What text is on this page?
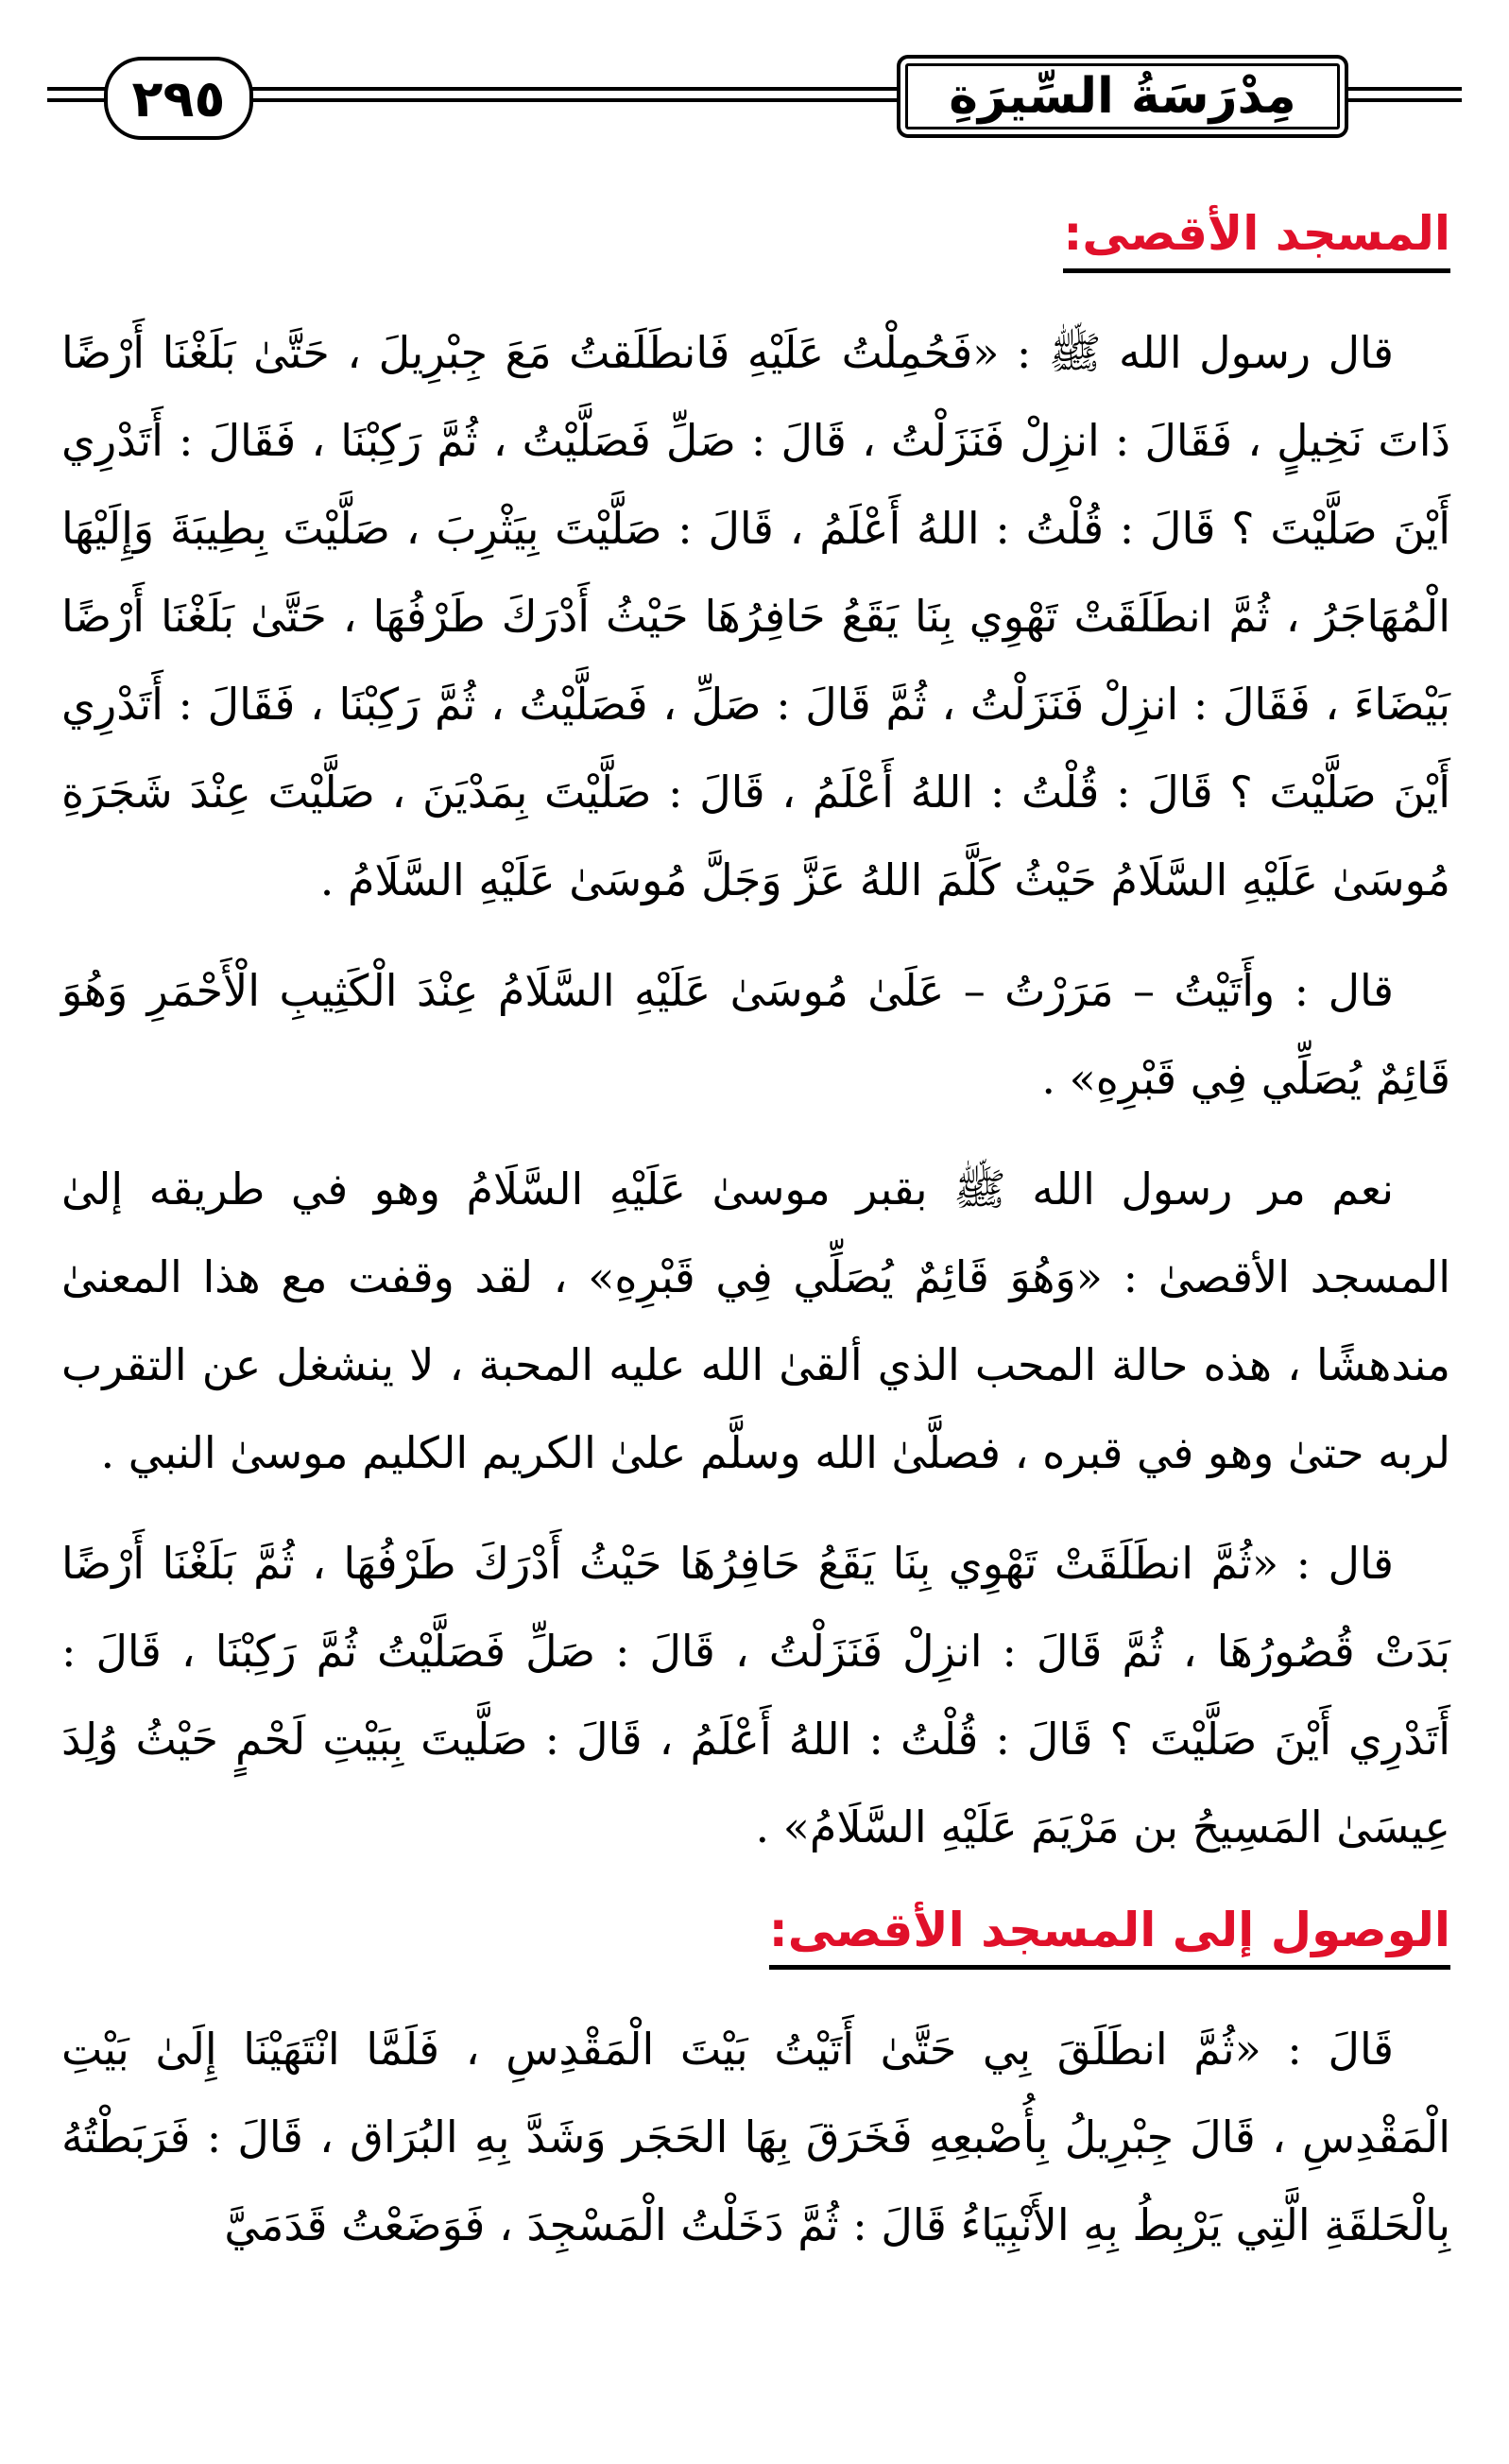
٢٩٥	مِدْرَسَةُ السِّيرَةِ
المسجد الأقصى:

قال رسول الله ﷺ : «فَحُمِلْتُ عَلَيْهِ فَانطَلَقتُ مَعَ جِبْرِيلَ ، حَتَّىٰ بَلَغْنَا أَرْضًا ذَاتَ نَخِيلٍ ، فَقَالَ : انزِلْ فَنَزَلْتُ ، قَالَ : صَلِّ فَصَلَّيْتُ ، ثُمَّ رَكِبْنَا ، فَقَالَ : أَتَدْرِي أَيْنَ صَلَّيْتَ ؟ قَالَ : قُلْتُ : اللهُ أَعْلَمُ ، قَالَ : صَلَّيْتَ بِيَثْرِبَ ، صَلَّيْتَ بِطِيبَةَ وَإِلَيْهَا الْمُهَاجَرُ ، ثُمَّ انطَلَقَتْ تَهْوِي بِنَا يَقَعُ حَافِرُهَا حَيْثُ أَدْرَكَ طَرْفُهَا ، حَتَّىٰ بَلَغْنَا أَرْضًا بَيْضَاءَ ، فَقَالَ : انزِلْ فَنَزَلْتُ ، ثُمَّ قَالَ : صَلِّ ، فَصَلَّيْتُ ، ثُمَّ رَكِبْنَا ، فَقَالَ : أَتَدْرِي أَيْنَ صَلَّيْتَ ؟ قَالَ : قُلْتُ : اللهُ أَعْلَمُ ، قَالَ : صَلَّيْتَ بِمَدْيَنَ ، صَلَّيْتَ عِنْدَ شَجَرَةِ مُوسَىٰ عَلَيْهِ السَّلَامُ حَيْثُ كَلَّمَ اللهُ عَزَّ وَجَلَّ مُوسَىٰ عَلَيْهِ السَّلَامُ .

قال : وأَتَيْتُ – مَرَرْتُ – عَلَىٰ مُوسَىٰ عَلَيْهِ السَّلَامُ عِنْدَ الْكَثِيبِ الْأَحْمَرِ وَهُوَ قَائِمٌ يُصَلِّي فِي قَبْرِهِ» .

نعم مر رسول الله ﷺ بقبر موسىٰ عَلَيْهِ السَّلَامُ وهو في طريقه إلىٰ المسجد الأقصىٰ : «وَهُوَ قَائِمٌ يُصَلِّي فِي قَبْرِهِ» ، لقد وقفت مع هذا المعنىٰ مندهشًا ، هذه حالة المحب الذي ألقىٰ الله عليه المحبة ، لا ينشغل عن التقرب لربه حتىٰ وهو في قبره ، فصلَّىٰ الله وسلَّم علىٰ الكريم الكليم موسىٰ النبي .

قال : «ثُمَّ انطَلَقَتْ تَهْوِي بِنَا يَقَعُ حَافِرُهَا حَيْثُ أَدْرَكَ طَرْفُهَا ، ثُمَّ بَلَغْنَا أَرْضًا بَدَتْ قُصُورُهَا ، ثُمَّ قَالَ : انزِلْ فَنَزَلْتُ ، قَالَ : صَلِّ فَصَلَّيْتُ ثُمَّ رَكِبْنَا ، قَالَ : أَتَدْرِي أَيْنَ صَلَّيْتَ ؟ قَالَ : قُلْتُ : اللهُ أَعْلَمُ ، قَالَ : صَلَّيتَ بِبَيْتِ لَحْمٍ حَيْثُ وُلِدَ عِيسَىٰ المَسِيحُ بن مَرْيَمَ عَلَيْهِ السَّلَامُ» .

الوصول إلى المسجد الأقصى:

قَالَ : «ثُمَّ انطَلَقَ بِي حَتَّىٰ أَتَيْتُ بَيْتَ الْمَقْدِسِ ، فَلَمَّا انْتَهَيْنَا إِلَىٰ بَيْتِ الْمَقْدِسِ ، قَالَ جِبْرِيلُ بِأُصْبعِهِ فَخَرَقَ بِهَا الحَجَر وَشَدَّ بِهِ البُرَاق ، قَالَ : فَرَبَطْتُهُ بِالْحَلقَةِ الَّتِي يَرْبِطُ بِهِ الأَنْبِيَاءُ قَالَ : ثُمَّ دَخَلْتُ الْمَسْجِدَ ، فَوَضَعْتُ قَدَمَيَّ
